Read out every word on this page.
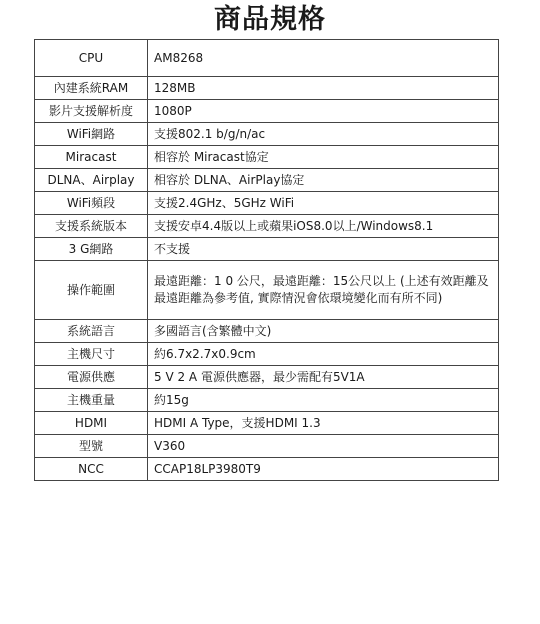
商品規格
CPU	AM8268
內建系統RAM	128MB
影片支援解析度	1080P
WiFi網路	支援802.1 b/g/n/ac
Miracast	相容於 Miracast協定
DLNA、Airplay	相容於 DLNA、AirPlay協定
WiFi頻段	支援2.4GHz、5GHz WiFi
支援系統版本	支援安卓4.4版以上或蘋果iOS8.0以上/Windows8.1
3 G網路	不支援
操作範圍	最遠距離：1 0 公尺，最遠距離：15公尺以上 (上述有效距離及最遠距離為參考值, 實際情況會依環境變化而有所不同)
系統語言	多國語言(含繁體中文)
主機尺寸	約6.7x2.7x0.9cm
電源供應	5 V 2 A 電源供應器，最少需配有5V1A
主機重量	約15g
HDMI	HDMI A Type，支援HDMI 1.3
型號	V360
NCC	CCAP18LP3980T9
